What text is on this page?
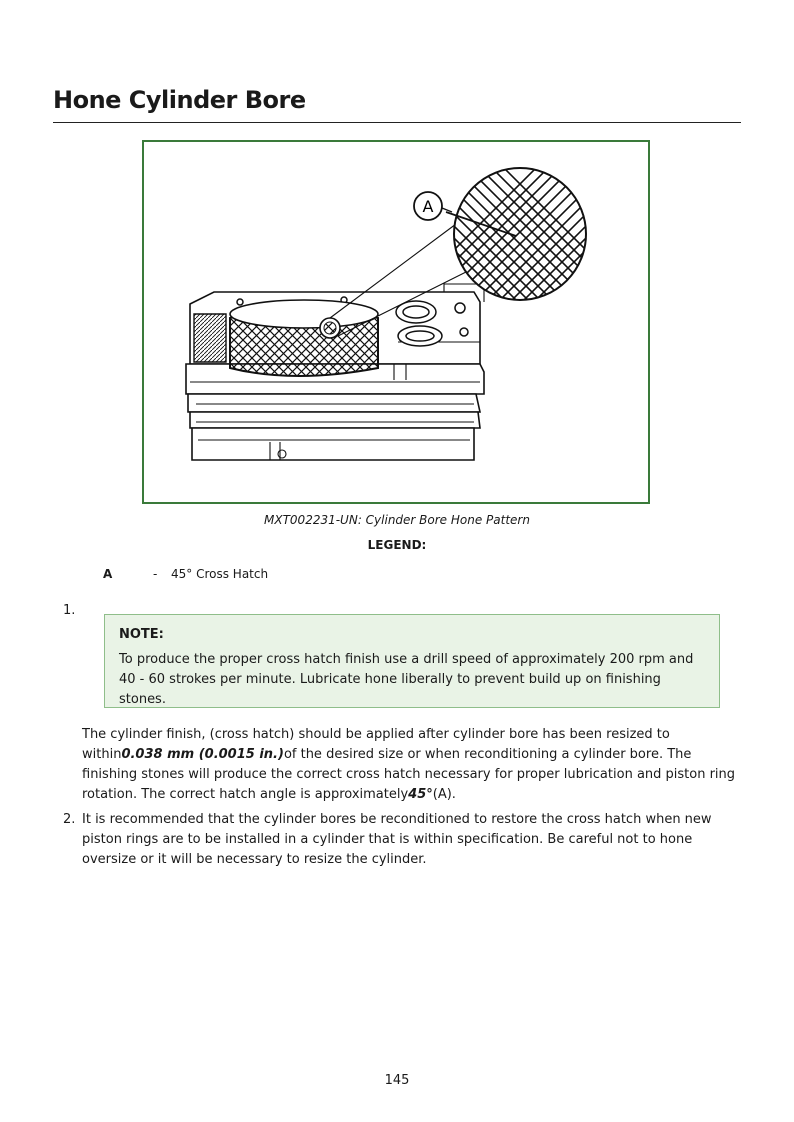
Hone Cylinder Bore
A
MXT002231-UN: Cylinder Bore Hone Pattern
LEGEND:
A	- 45° Cross Hatch
1.

NOTE:

To produce the proper cross hatch finish use a drill speed of approximately 200 rpm and 40 - 60 strokes per minute. Lubricate hone liberally to prevent build up on finishing stones.

The cylinder finish, (cross hatch) should be applied after cylinder bore has been resized to within0.038 mm (0.0015 in.)of the desired size or when reconditioning a cylinder bore. The finishing stones will produce the correct cross hatch necessary for proper lubrication and piston ring rotation. The correct hatch angle is approximately45°(A).

2. It is recommended that the cylinder bores be reconditioned to restore the cross hatch when new piston rings are to be installed in a cylinder that is within specification. Be careful not to hone oversize or it will be necessary to resize the cylinder.

145
